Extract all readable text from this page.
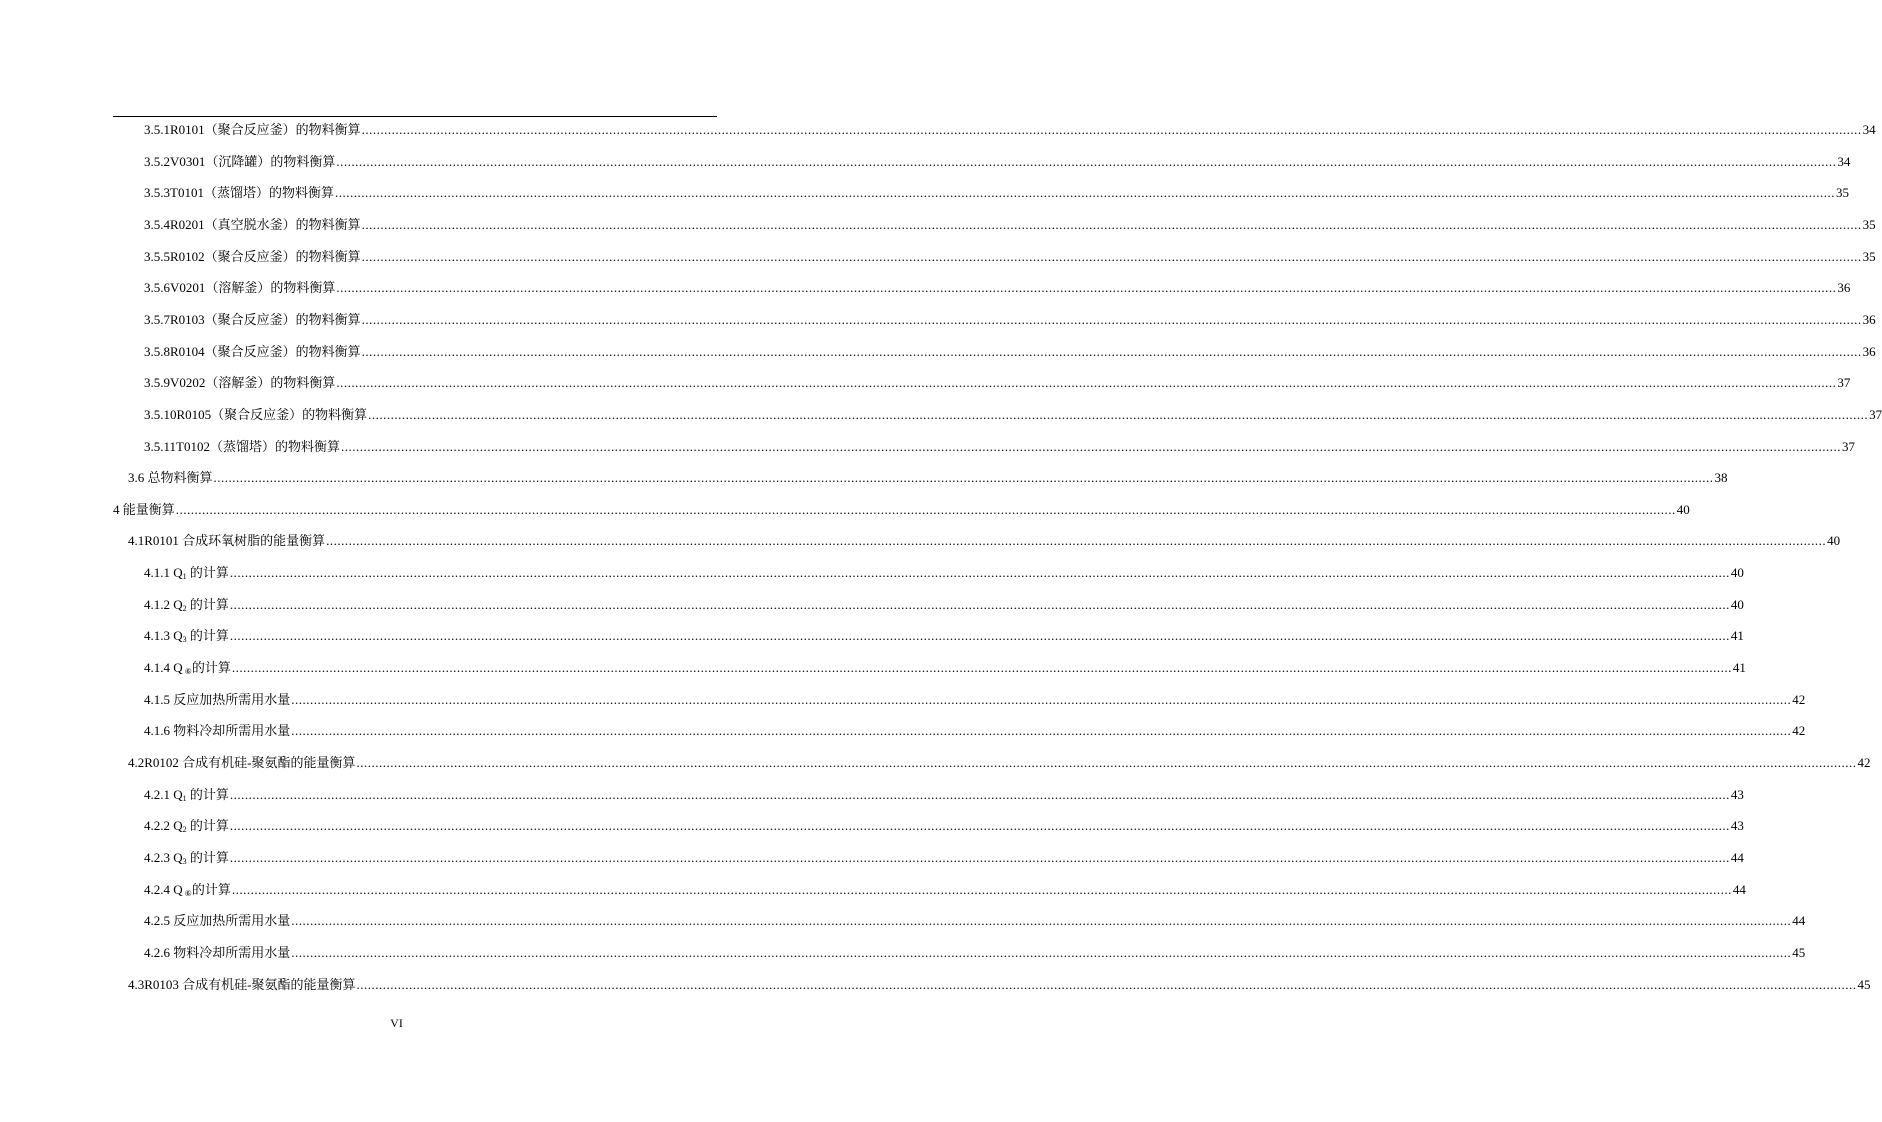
3.5.1R0101（聚合反应釜）的物料衡算 ................................................................................................................................................................................................................................................................................................................................................................................................................ 34
3.5.2V0301（沉降罐）的物料衡算 ................................................................................................................................................................................................................................................................................................................................................................................................................ 34
3.5.3T0101（蒸馏塔）的物料衡算 ................................................................................................................................................................................................................................................................................................................................................................................................................ 35
3.5.4R0201（真空脱水釜）的物料衡算 ................................................................................................................................................................................................................................................................................................................................................................................................................ 35
3.5.5R0102（聚合反应釜）的物料衡算 ................................................................................................................................................................................................................................................................................................................................................................................................................ 35
3.5.6V0201（溶解釜）的物料衡算 ................................................................................................................................................................................................................................................................................................................................................................................................................ 36
3.5.7R0103（聚合反应釜）的物料衡算 ................................................................................................................................................................................................................................................................................................................................................................................................................ 36
3.5.8R0104（聚合反应釜）的物料衡算 ................................................................................................................................................................................................................................................................................................................................................................................................................ 36
3.5.9V0202（溶解釜）的物料衡算 ................................................................................................................................................................................................................................................................................................................................................................................................................ 37
3.5.10R0105（聚合反应釜）的物料衡算 ................................................................................................................................................................................................................................................................................................................................................................................................................ 37
3.5.11T0102（蒸馏塔）的物料衡算 ................................................................................................................................................................................................................................................................................................................................................................................................................ 37
3.6 总物料衡算 ................................................................................................................................................................................................................................................................................................................................................................................................................ 38
4 能量衡算 ................................................................................................................................................................................................................................................................................................................................................................................................................ 40
4.1R0101 合成环氧树脂的能量衡算 ................................................................................................................................................................................................................................................................................................................................................................................................................ 40
4.1.1 $Q_1$ 的计算 ................................................................................................................................................................................................................................................................................................................................................................................................................ 40
4.1.2 $Q_2$ 的计算 ................................................................................................................................................................................................................................................................................................................................................................................................................ 40
4.1.3 $Q_3$ 的计算 ................................................................................................................................................................................................................................................................................................................................................................................................................ 41
4.1.4 Q $_⑥$的计算 ................................................................................................................................................................................................................................................................................................................................................................................................................ 41
4.1.5 反应加热所需用水量 ................................................................................................................................................................................................................................................................................................................................................................................................................ 42
4.1.6 物料冷却所需用水量 ................................................................................................................................................................................................................................................................................................................................................................................................................ 42
4.2R0102 合成有机硅-聚氨酯的能量衡算 ................................................................................................................................................................................................................................................................................................................................................................................................................ 42
4.2.1 $Q_1$ 的计算 ................................................................................................................................................................................................................................................................................................................................................................................................................ 43
4.2.2 $Q_2$ 的计算 ................................................................................................................................................................................................................................................................................................................................................................................................................ 43
4.2.3 $Q_3$ 的计算 ................................................................................................................................................................................................................................................................................................................................................................................................................ 44
4.2.4 Q $_⑥$的计算 ................................................................................................................................................................................................................................................................................................................................................................................................................ 44
4.2.5 反应加热所需用水量 ................................................................................................................................................................................................................................................................................................................................................................................................................ 44
4.2.6 物料冷却所需用水量 ................................................................................................................................................................................................................................................................................................................................................................................................................ 45
4.3R0103 合成有机硅-聚氨酯的能量衡算 ................................................................................................................................................................................................................................................................................................................................................................................................................ 45
VI
